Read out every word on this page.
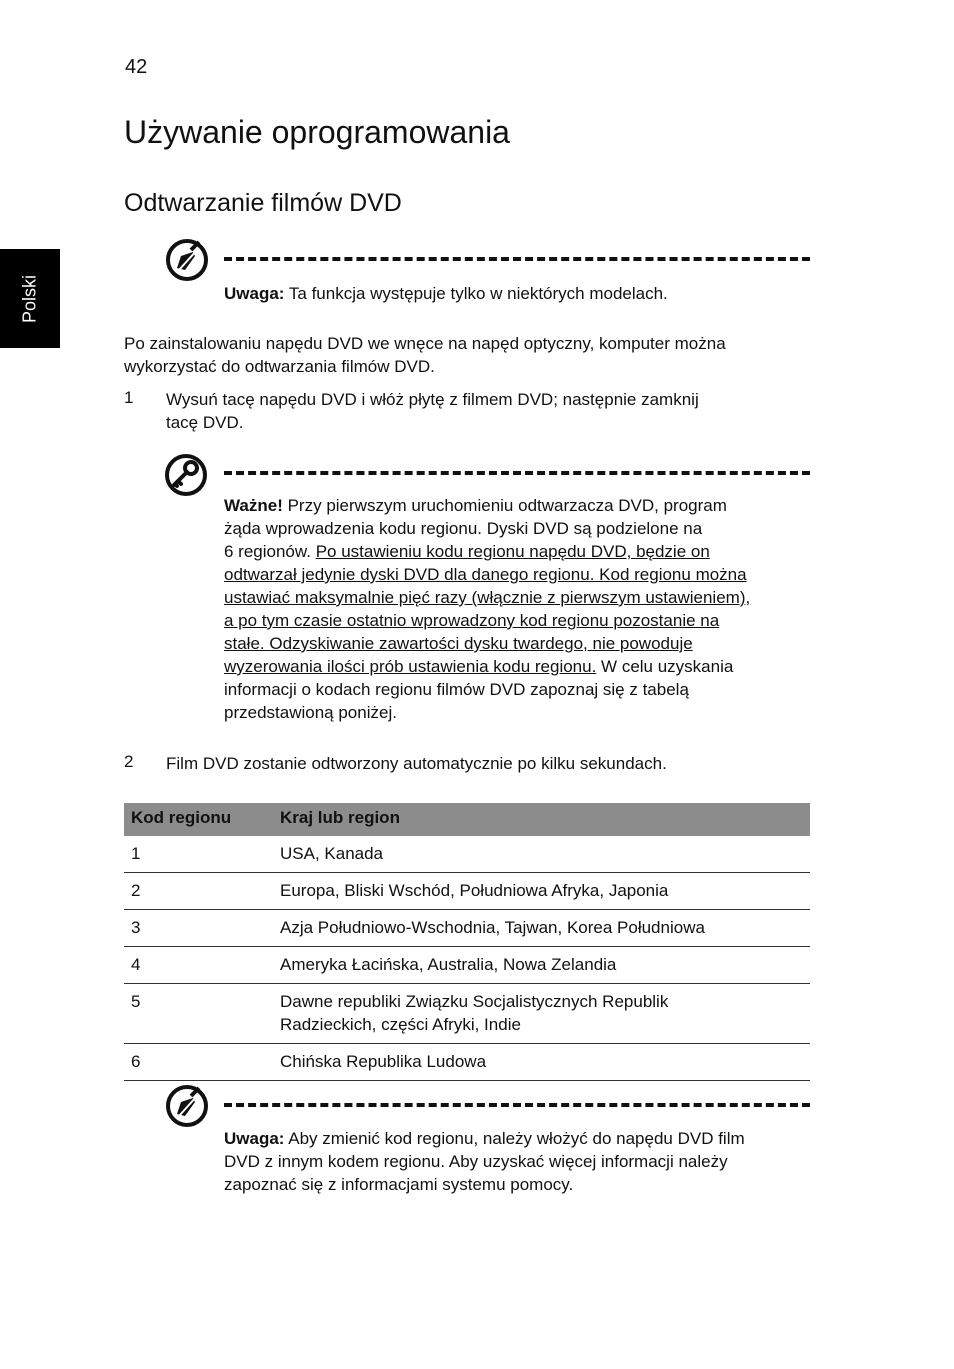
42
Używanie oprogramowania
Odtwarzanie filmów DVD
Polski	Uwaga: Ta funkcja występuje tylko w niektórych modelach.
Po zainstalowaniu napędu DVD we wnęce na napęd optyczny, komputer można
wykorzystać do odtwarzania filmów DVD.
1 Wysuń tacę napędu DVD i włóż płytę z filmem DVD; następnie zamknij
tacę DVD.
Ważne! Przy pierwszym uruchomieniu odtwarzacza DVD, program
żąda wprowadzenia kodu regionu. Dyski DVD są podzielone na
6 regionów. Po ustawieniu kodu regionu napędu DVD, będzie on
odtwarzał jedynie dyski DVD dla danego regionu. Kod regionu można
ustawiać maksymalnie pięć razy (włącznie z pierwszym ustawieniem),
a po tym czasie ostatnio wprowadzony kod regionu pozostanie na
stałe. Odzyskiwanie zawartości dysku twardego, nie powoduje
wyzerowania ilości prób ustawienia kodu regionu. W celu uzyskania
informacji o kodach regionu filmów DVD zapoznaj się z tabelą
przedstawioną poniżej.
2 Film DVD zostanie odtworzony automatycznie po kilku sekundach.
Kod regionu	Kraj lub region
1	USA, Kanada
2	Europa, Bliski Wschód, Południowa Afryka, Japonia
3	Azja Południowo-Wschodnia, Tajwan, Korea Południowa
4	Ameryka Łacińska, Australia, Nowa Zelandia
5	Dawne republiki Związku Socjalistycznych Republik Radzieckich, części Afryki, Indie
6	Chińska Republika Ludowa
Uwaga: Aby zmienić kod regionu, należy włożyć do napędu DVD film
DVD z innym kodem regionu. Aby uzyskać więcej informacji należy
zapoznać się z informacjami systemu pomocy.
